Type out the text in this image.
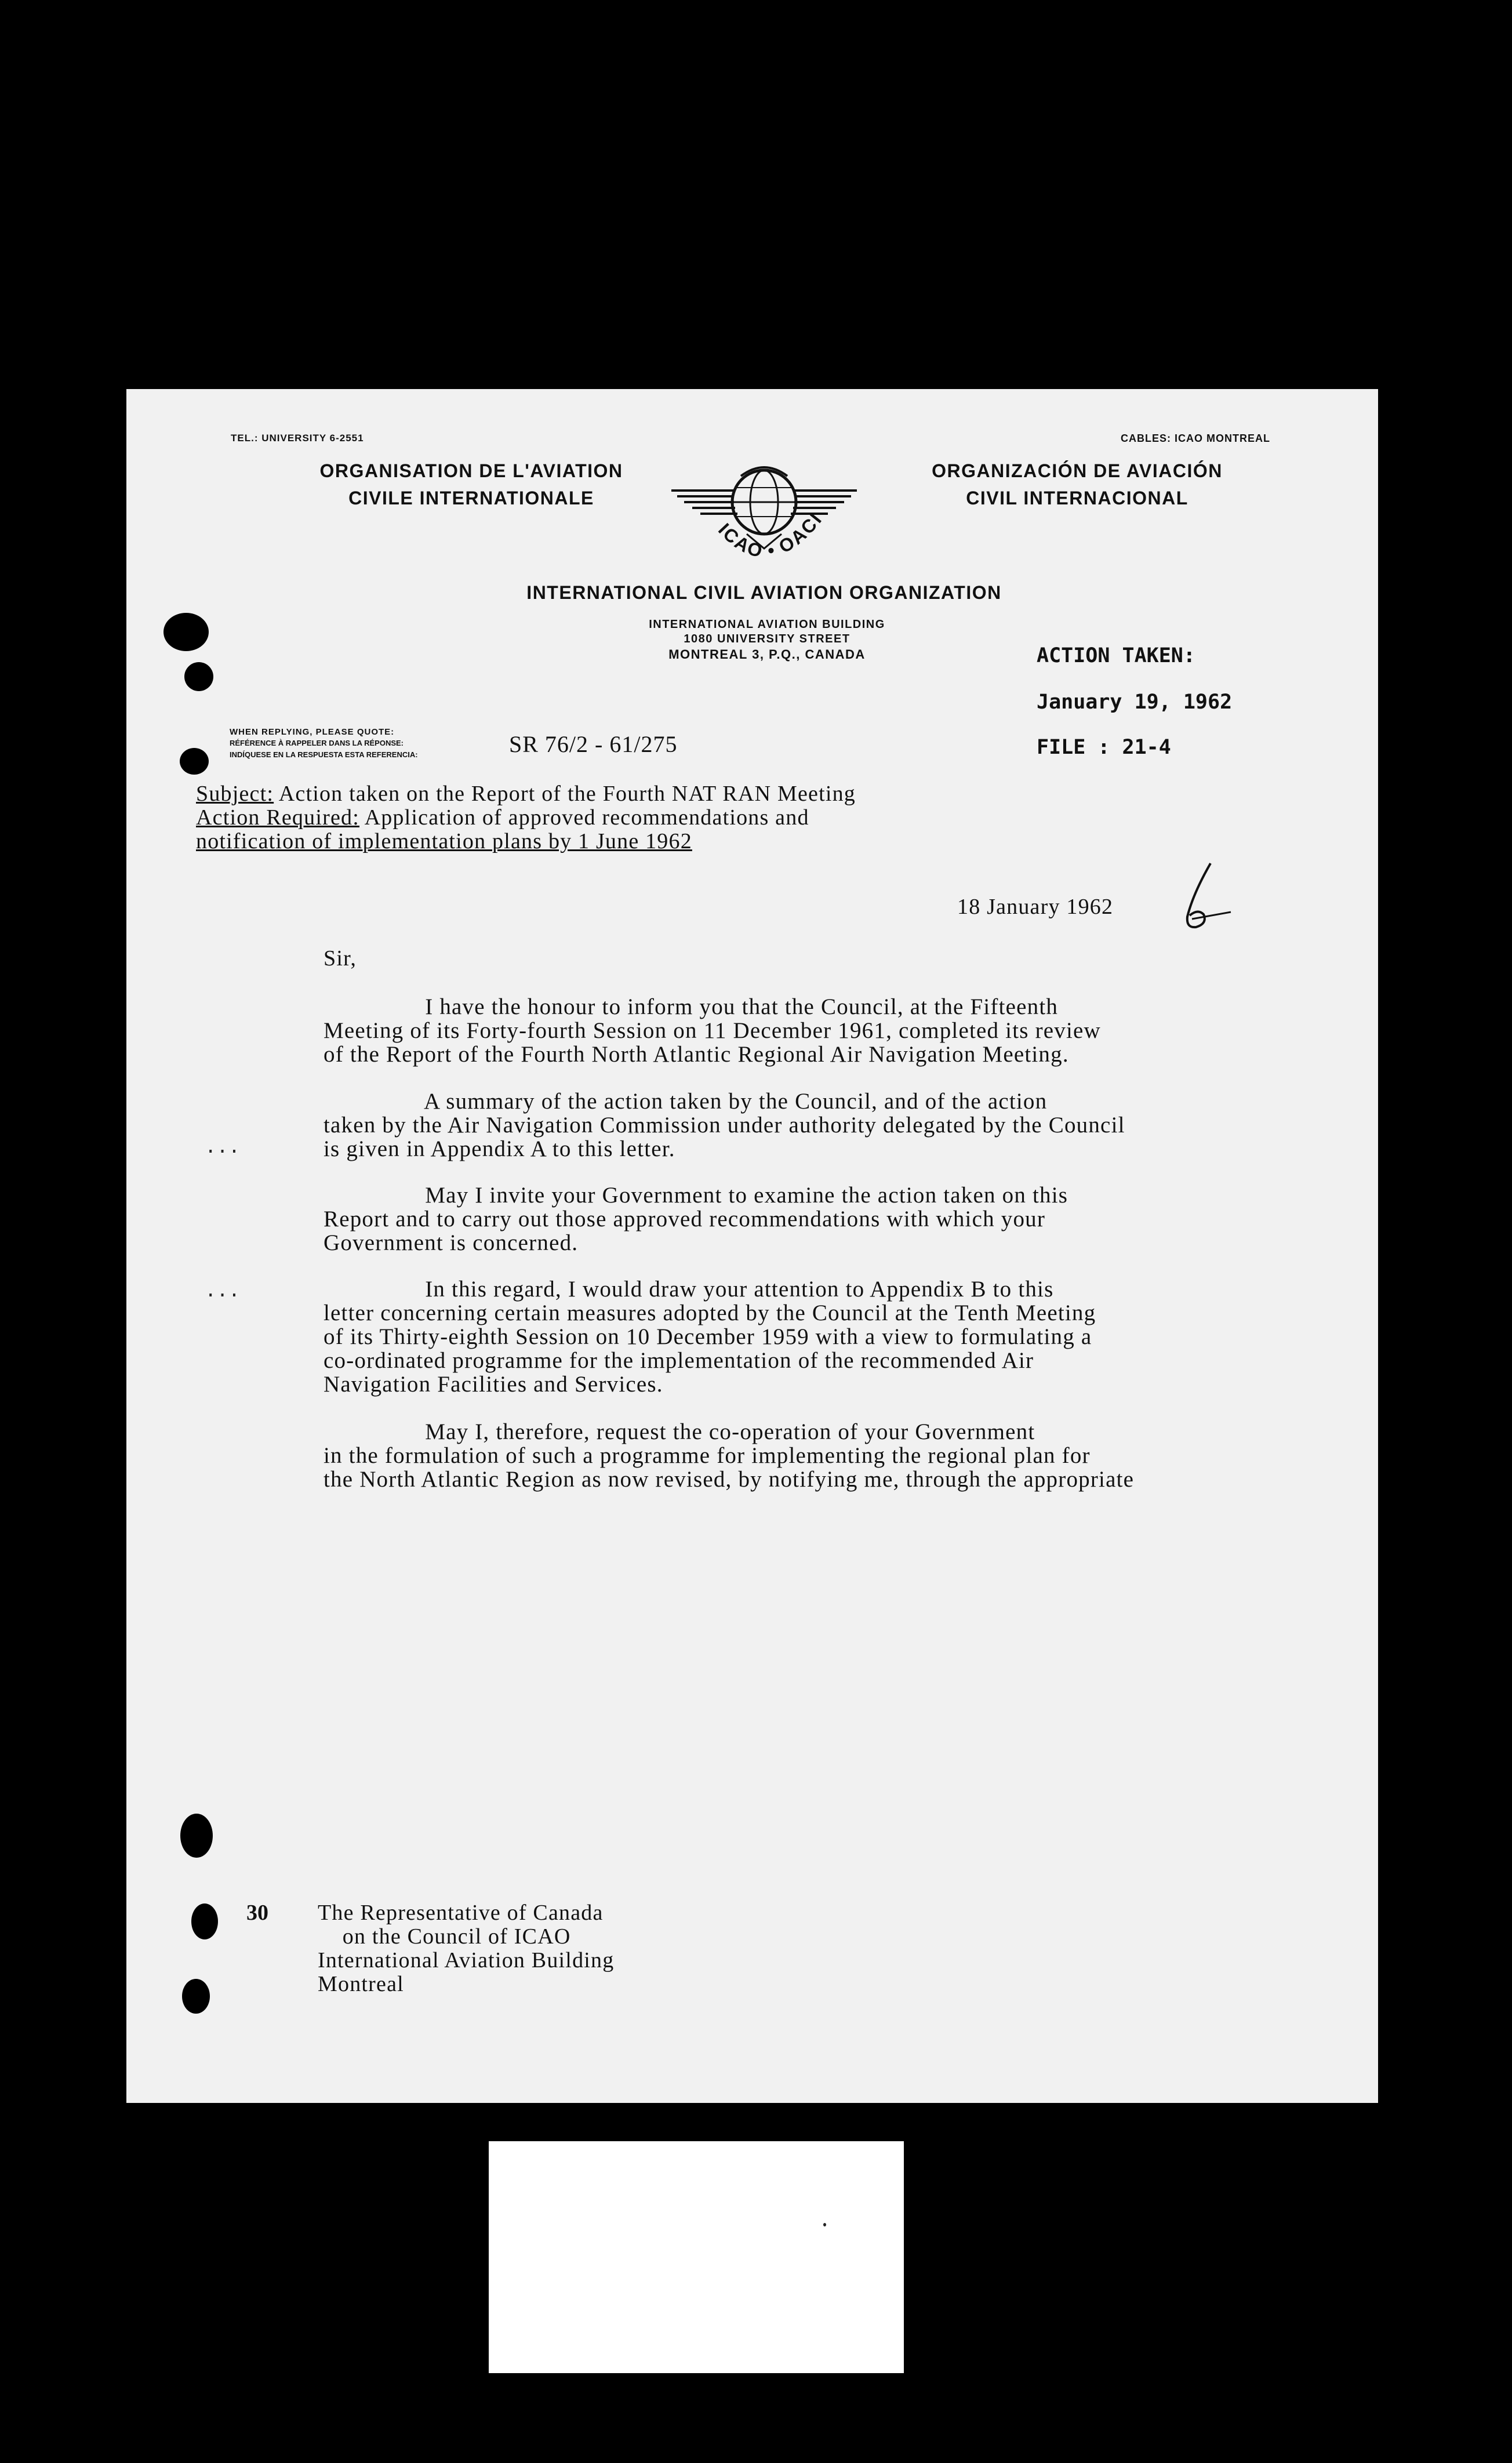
TEL.: UNIVERSITY 6-2551	CABLES: ICAO MONTREAL
ORGANISATION DE L'AVIATION
CIVILE INTERNATIONALE
ORGANIZACIÓN DE AVIACIÓN
CIVIL INTERNACIONAL
ICAO • OACI
INTERNATIONAL CIVIL AVIATION ORGANIZATION
INTERNATIONAL AVIATION BUILDING
1080 UNIVERSITY STREET
MONTREAL 3, P.Q., CANADA	ACTION TAKEN:
January 19, 1962
FILE : 21-4
WHEN REPLYING, PLEASE QUOTE:
RÉFÉRENCE À RAPPELER DANS LA RÉPONSE:
INDÍQUESE EN LA RESPUESTA ESTA REFERENCIA:	SR 76/2 - 61/275
Subject: Action taken on the Report of the Fourth NAT RAN Meeting
Action Required: Application of approved recommendations and
notification of implementation plans by 1 June 1962
18 January 1962
Sir,
I have the honour to inform you that the Council, at the Fifteenth
Meeting of its Forty-fourth Session on 11 December 1961, completed its review
of the Report of the Fourth North Atlantic Regional Air Navigation Meeting.
A summary of the action taken by the Council, and of the action
taken by the Air Navigation Commission under authority delegated by the Council
is given in Appendix A to this letter.
May I invite your Government to examine the action taken on this
Report and to carry out those approved recommendations with which your
Government is concerned.
In this regard, I would draw your attention to Appendix B to this
letter concerning certain measures adopted by the Council at the Tenth Meeting
of its Thirty-eighth Session on 10 December 1959 with a view to formulating a
co-ordinated programme for the implementation of the recommended Air
Navigation Facilities and Services.
May I, therefore, request the co-operation of your Government
in the formulation of such a programme for implementing the regional plan for
the North Atlantic Region as now revised, by notifying me, through the appropriate
...
...
30 The Representative of Canada
on the Council of ICAO
International Aviation Building
Montreal
